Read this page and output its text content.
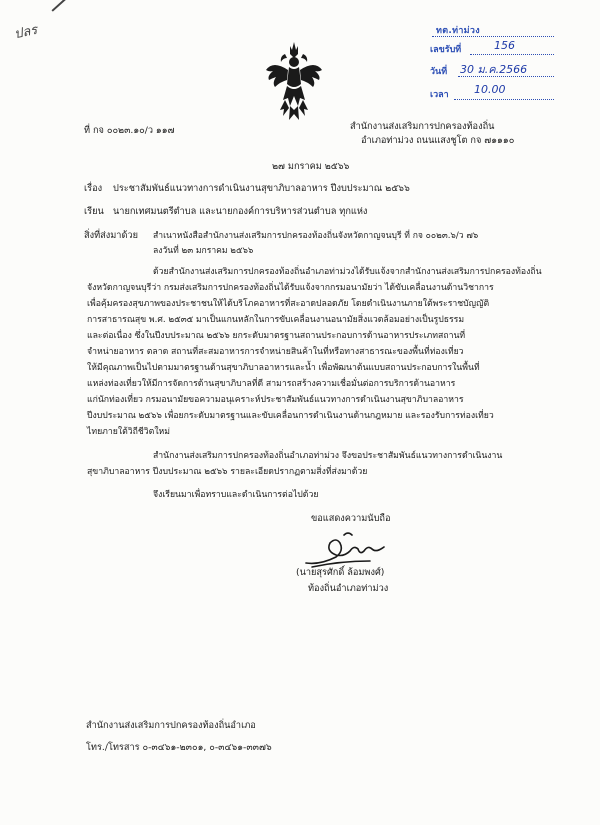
ปลร	ทต.ท่าม่วง
เลขรับที่	156
วันที่ 30 ม.ค.2566
เวลา 10.00
ที่ กจ ๐๐๒๓.๑๐/ว ๑๑๗	สำนักงานส่งเสริมการปกครองท้องถิ่น
อำเภอท่าม่วง ถนนแสงชูโต กจ ๗๑๑๑๐
๒๗ มกราคม ๒๕๖๖
เรื่อง ประชาสัมพันธ์แนวทางการดำเนินงานสุขาภิบาลอาหาร ปีงบประมาณ ๒๕๖๖
เรียน นายกเทศมนตรีตำบล และนายกองค์การบริหารส่วนตำบล ทุกแห่ง
สิ่งที่ส่งมาด้วย สำเนาหนังสือสำนักงานส่งเสริมการปกครองท้องถิ่นจังหวัดกาญจนบุรี ที่ กจ ๐๐๒๓.๖/ว ๗๖
ลงวันที่ ๒๓ มกราคม ๒๕๖๖
ด้วยสำนักงานส่งเสริมการปกครองท้องถิ่นอำเภอท่าม่วงได้รับแจ้งจากสำนักงานส่งเสริมการปกครองท้องถิ่น
จังหวัดกาญจนบุรีว่า กรมส่งเสริมการปกครองท้องถิ่นได้รับแจ้งจากกรมอนามัยว่า ได้ขับเคลื่อนงานด้านวิชาการ
เพื่อคุ้มครองสุขภาพของประชาชนให้ได้บริโภคอาหารที่สะอาดปลอดภัย โดยดำเนินงานภายใต้พระราชบัญญัติ
การสาธารณสุข พ.ศ. ๒๕๓๕ มาเป็นแกนหลักในการขับเคลื่อนงานอนามัยสิ่งแวดล้อมอย่างเป็นรูปธรรม
และต่อเนื่อง ซึ่งในปีงบประมาณ ๒๕๖๖ ยกระดับมาตรฐานสถานประกอบการด้านอาหารประเภทสถานที่
จำหน่ายอาหาร ตลาด สถานที่สะสมอาหารการจำหน่ายสินค้าในที่หรือทางสาธารณะของพื้นที่ท่องเที่ยว
ให้มีคุณภาพเป็นไปตามมาตรฐานด้านสุขาภิบาลอาหารและน้ำ เพื่อพัฒนาต้นแบบสถานประกอบการในพื้นที่
แหล่งท่องเที่ยวให้มีการจัดการด้านสุขาภิบาลที่ดี สามารถสร้างความเชื่อมั่นต่อการบริการด้านอาหาร
แก่นักท่องเที่ยว กรมอนามัยขอความอนุเคราะห์ประชาสัมพันธ์แนวทางการดำเนินงานสุขาภิบาลอาหาร
ปีงบประมาณ ๒๕๖๖ เพื่อยกระดับมาตรฐานและขับเคลื่อนการดำเนินงานด้านกฎหมาย และรองรับการท่องเที่ยว
ไทยภายใต้วิถีชีวิตใหม่
สำนักงานส่งเสริมการปกครองท้องถิ่นอำเภอท่าม่วง จึงขอประชาสัมพันธ์แนวทางการดำเนินงาน
สุขาภิบาลอาหาร ปีงบประมาณ ๒๕๖๖ รายละเอียดปรากฏตามสิ่งที่ส่งมาด้วย
จึงเรียนมาเพื่อทราบและดำเนินการต่อไปด้วย
ขอแสดงความนับถือ
(นายสุรศักดิ์ ล้อมพงศ์)
ท้องถิ่นอำเภอท่าม่วง
สำนักงานส่งเสริมการปกครองท้องถิ่นอำเภอ
โทร./โทรสาร ๐-๓๔๖๑-๒๓๐๑, ๐-๓๔๖๑-๓๓๗๖
